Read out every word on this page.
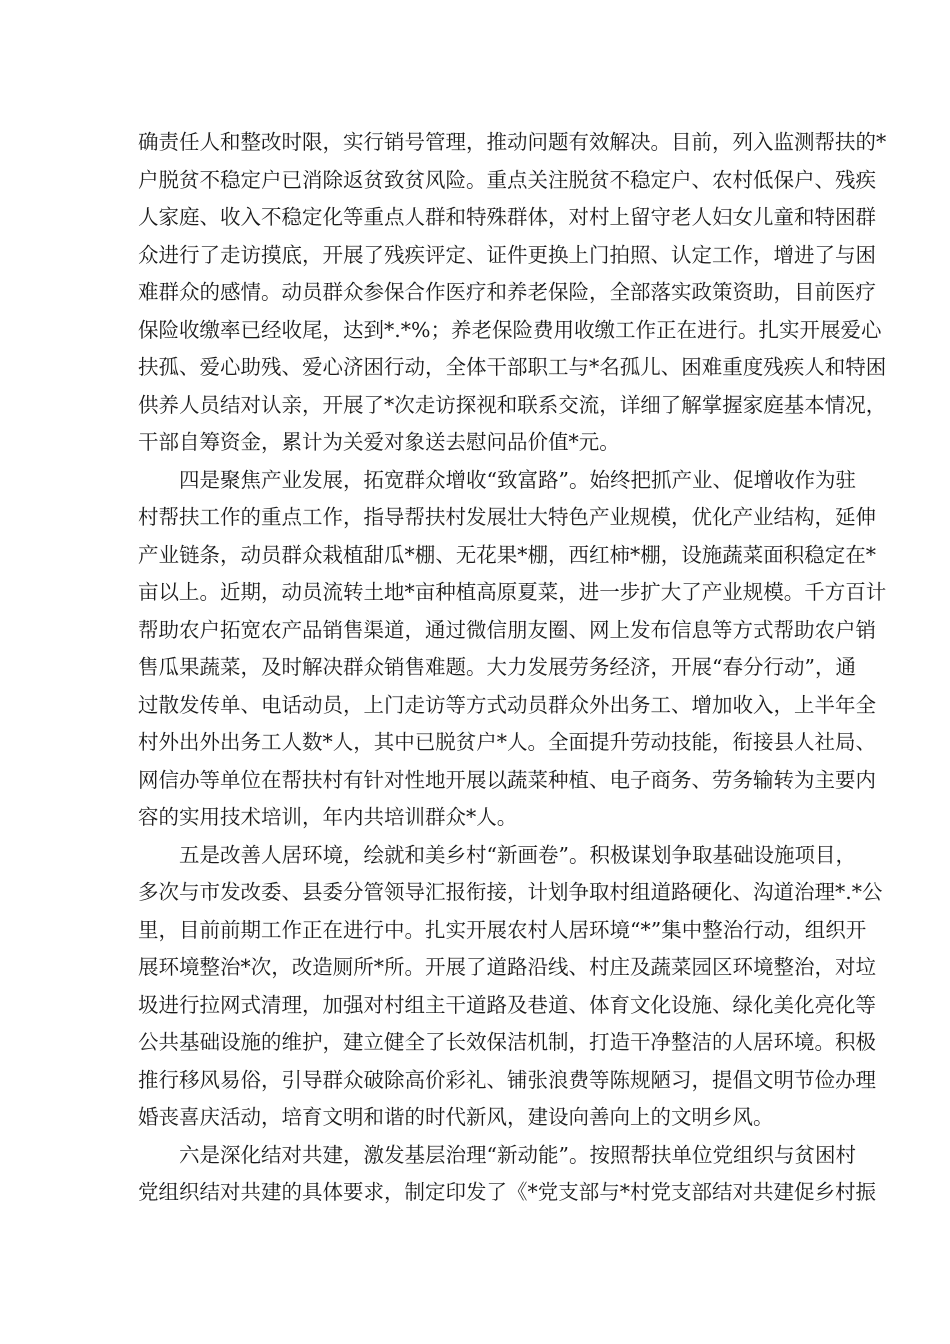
确责任人和整改时限，实行销号管理，推动问题有效解决。目前，列入监测帮扶的*
户脱贫不稳定户已消除返贫致贫风险。重点关注脱贫不稳定户、农村低保户、残疾
人家庭、收入不稳定化等重点人群和特殊群体，对村上留守老人妇女儿童和特困群
众进行了走访摸底，开展了残疾评定、证件更换上门拍照、认定工作，增进了与困
难群众的感情。动员群众参保合作医疗和养老保险，全部落实政策资助，目前医疗
保险收缴率已经收尾，达到*.*%；养老保险费用收缴工作正在进行。扎实开展爱心
扶孤、爱心助残、爱心济困行动，全体干部职工与*名孤儿、困难重度残疾人和特困
供养人员结对认亲，开展了*次走访探视和联系交流，详细了解掌握家庭基本情况，
干部自筹资金，累计为关爱对象送去慰问品价值*元。
四是聚焦产业发展，拓宽群众增收“致富路”。始终把抓产业、促增收作为驻
村帮扶工作的重点工作，指导帮扶村发展壮大特色产业规模，优化产业结构，延伸
产业链条，动员群众栽植甜瓜*棚、无花果*棚，西红柿*棚，设施蔬菜面积稳定在*
亩以上。近期，动员流转土地*亩种植高原夏菜，进一步扩大了产业规模。千方百计
帮助农户拓宽农产品销售渠道，通过微信朋友圈、网上发布信息等方式帮助农户销
售瓜果蔬菜，及时解决群众销售难题。大力发展劳务经济，开展“春分行动”，通
过散发传单、电话动员，上门走访等方式动员群众外出务工、增加收入，上半年全
村外出外出务工人数*人，其中已脱贫户*人。全面提升劳动技能，衔接县人社局、
网信办等单位在帮扶村有针对性地开展以蔬菜种植、电子商务、劳务输转为主要内
容的实用技术培训，年内共培训群众*人。
五是改善人居环境，绘就和美乡村“新画卷”。积极谋划争取基础设施项目，
多次与市发改委、县委分管领导汇报衔接，计划争取村组道路硬化、沟道治理*.*公
里，目前前期工作正在进行中。扎实开展农村人居环境“*”集中整治行动，组织开
展环境整治*次，改造厕所*所。开展了道路沿线、村庄及蔬菜园区环境整治，对垃
圾进行拉网式清理，加强对村组主干道路及巷道、体育文化设施、绿化美化亮化等
公共基础设施的维护，建立健全了长效保洁机制，打造干净整洁的人居环境。积极
推行移风易俗，引导群众破除高价彩礼、铺张浪费等陈规陋习，提倡文明节俭办理
婚丧喜庆活动，培育文明和谐的时代新风，建设向善向上的文明乡风。
六是深化结对共建，激发基层治理“新动能”。按照帮扶单位党组织与贫困村
党组织结对共建的具体要求，制定印发了《*党支部与*村党支部结对共建促乡村振
